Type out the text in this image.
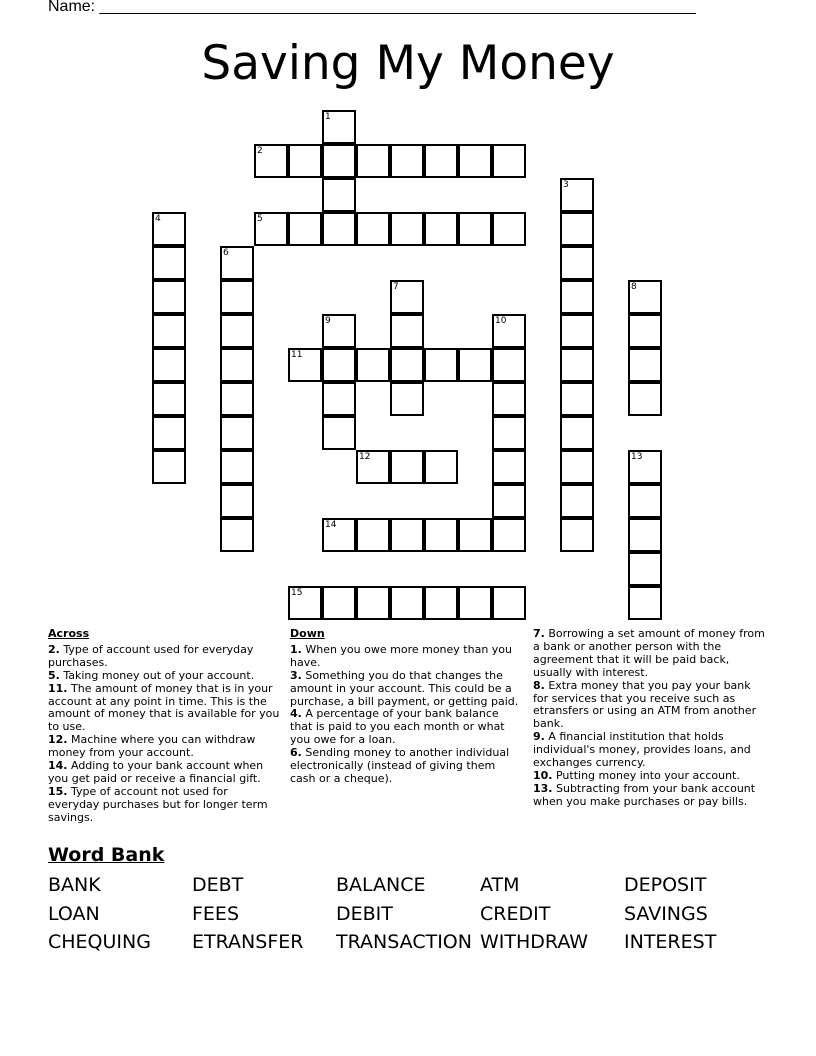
Name: ___________________________________________________________________
Saving My Money
1
2
3
4	5
6
7	8
9	10
11
12	13
14
15
Across

2. Type of account used for everyday purchases.

5. Taking money out of your account.

11. The amount of money that is in your account at any point in time. This is the amount of money that is available for you to use.

12. Machine where you can withdraw money from your account.

14. Adding to your bank account when you get paid or receive a financial gift.

15. Type of account not used for everyday purchases but for longer term savings.

Down

1. When you owe more money than you have.

3. Something you do that changes the amount in your account. This could be a purchase, a bill payment, or getting paid.

4. A percentage of your bank balance that is paid to you each month or what you owe for a loan.

6. Sending money to another individual electronically (instead of giving them cash or a cheque).

7. Borrowing a set amount of money from a bank or another person with the agreement that it will be paid back, usually with interest.

8. Extra money that you pay your bank for services that you receive such as etransfers or using an ATM from another bank.

9. A financial institution that holds individual's money, provides loans, and exchanges currency.

10. Putting money into your account.

13. Subtracting from your bank account when you make purchases or pay bills.

Word Bank
BANK	DEBT	BALANCE	ATM	DEPOSIT
LOAN	FEES	DEBIT	CREDIT	SAVINGS
CHEQUING	ETRANSFER	TRANSACTION WITHDRAW	INTEREST
